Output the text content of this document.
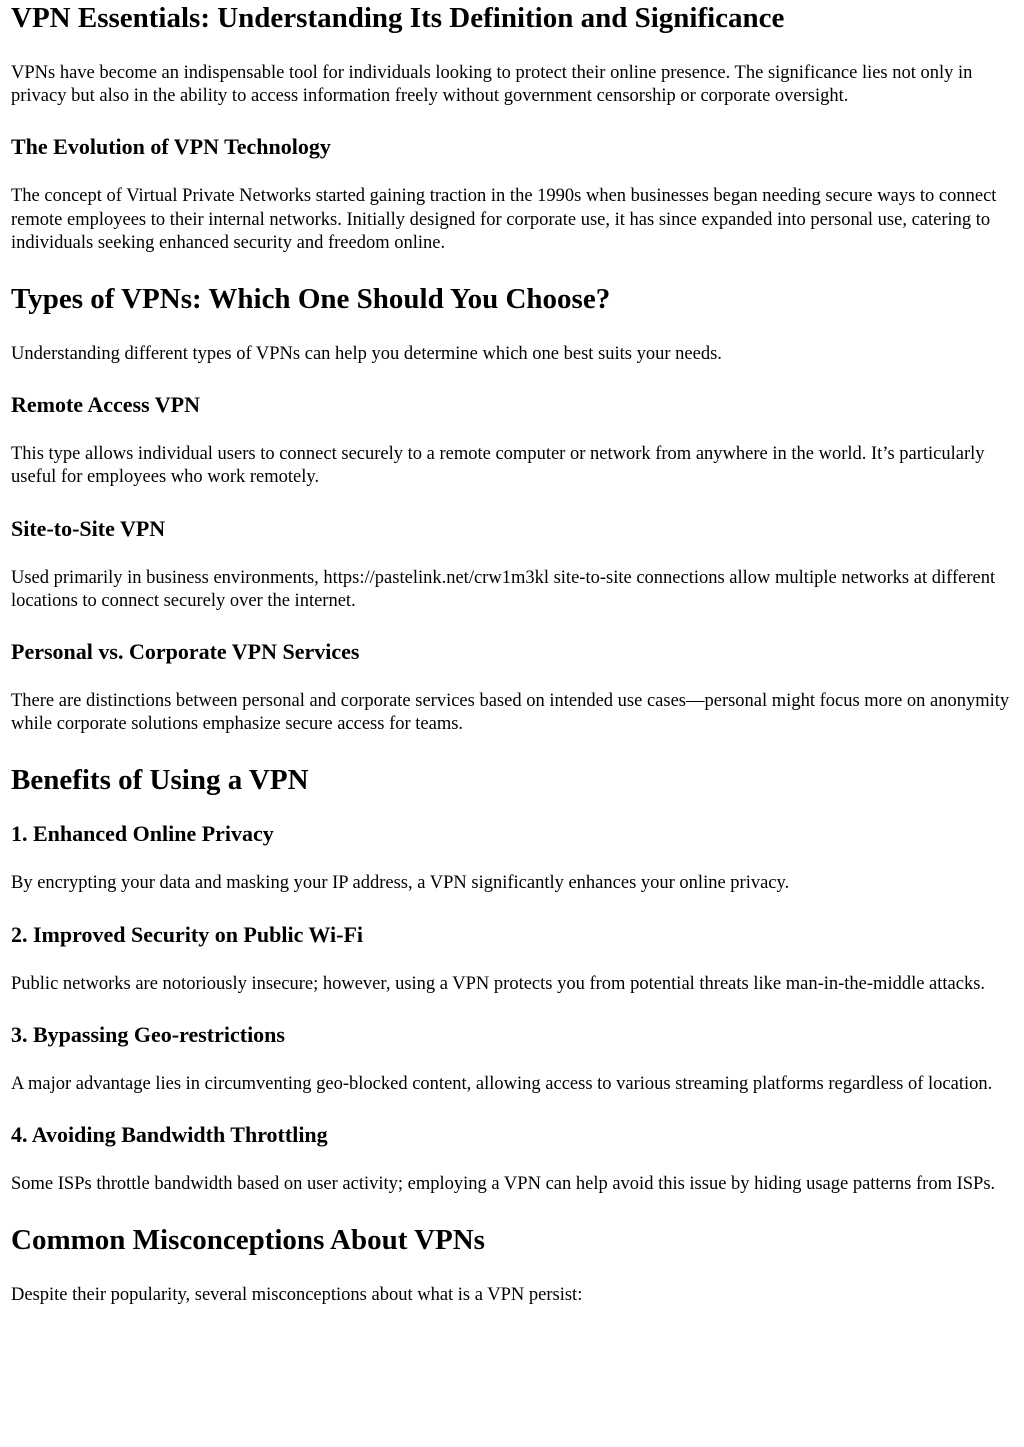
VPN Essentials: Understanding Its Definition and Significance

VPNs have become an indispensable tool for individuals looking to protect their online presence. The significance lies not only in privacy but also in the ability to access information freely without government censorship or corporate oversight.

The Evolution of VPN Technology

The concept of Virtual Private Networks started gaining traction in the 1990s when businesses began needing secure ways to connect remote employees to their internal networks. Initially designed for corporate use, it has since expanded into personal use, catering to individuals seeking enhanced security and freedom online.

Types of VPNs: Which One Should You Choose?

Understanding different types of VPNs can help you determine which one best suits your needs.

Remote Access VPN

This type allows individual users to connect securely to a remote computer or network from anywhere in the world. It’s particularly useful for employees who work remotely.

Site-to-Site VPN

Used primarily in business environments, https://pastelink.net/crw1m3kl site-to-site connections allow multiple networks at different locations to connect securely over the internet.

Personal vs. Corporate VPN Services

There are distinctions between personal and corporate services based on intended use cases—personal might focus more on anonymity while corporate solutions emphasize secure access for teams.

Benefits of Using a VPN
1. Enhanced Online Privacy

By encrypting your data and masking your IP address, a VPN significantly enhances your online privacy.

2. Improved Security on Public Wi-Fi

Public networks are notoriously insecure; however, using a VPN protects you from potential threats like man-in-the-middle attacks.

3. Bypassing Geo-restrictions

A major advantage lies in circumventing geo-blocked content, allowing access to various streaming platforms regardless of location.

4. Avoiding Bandwidth Throttling

Some ISPs throttle bandwidth based on user activity; employing a VPN can help avoid this issue by hiding usage patterns from ISPs.

Common Misconceptions About VPNs

Despite their popularity, several misconceptions about what is a VPN persist:
